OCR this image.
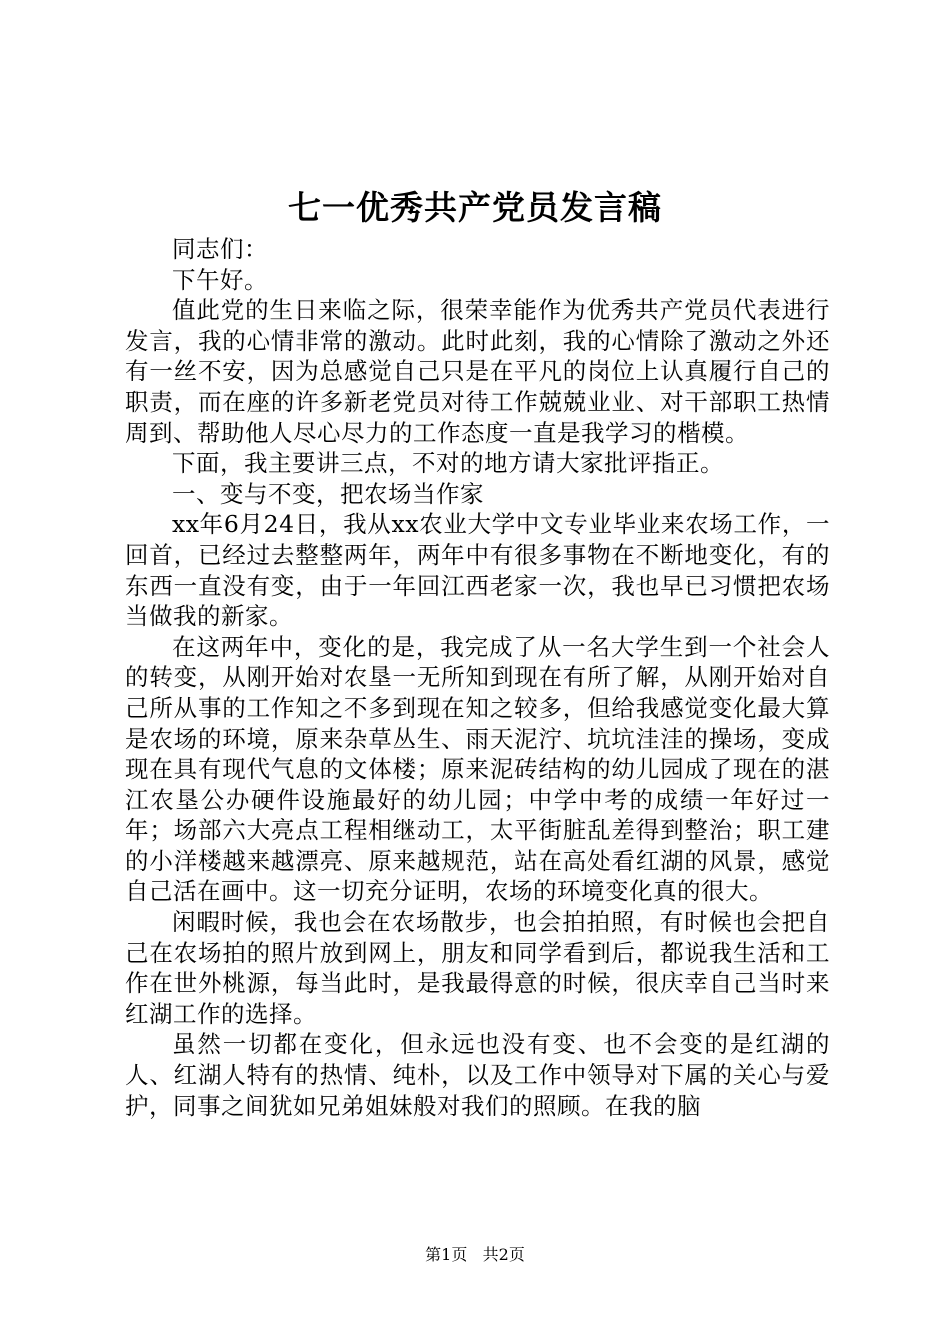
七一优秀共产党员发言稿

同志们：

下午好。

值此党的生日来临之际，很荣幸能作为优秀共产党员代表进行发言，我的心情非常的激动。此时此刻，我的心情除了激动之外还有一丝不安，因为总感觉自己只是在平凡的岗位上认真履行自己的职责，而在座的许多新老党员对待工作兢兢业业、对干部职工热情周到、帮助他人尽心尽力的工作态度一直是我学习的楷模。

下面，我主要讲三点，不对的地方请大家批评指正。

一、变与不变，把农场当作家

xx年6月24日，我从xx农业大学中文专业毕业来农场工作，一回首，已经过去整整两年，两年中有很多事物在不断地变化，有的东西一直没有变，由于一年回江西老家一次，我也早已习惯把农场当做我的新家。

在这两年中，变化的是，我完成了从一名大学生到一个社会人的转变，从刚开始对农垦一无所知到现在有所了解，从刚开始对自己所从事的工作知之不多到现在知之较多，但给我感觉变化最大算是农场的环境，原来杂草丛生、雨天泥泞、坑坑洼洼的操场，变成现在具有现代气息的文体楼；原来泥砖结构的幼儿园成了现在的湛江农垦公办硬件设施最好的幼儿园；中学中考的成绩一年好过一年；场部六大亮点工程相继动工，太平街脏乱差得到整治；职工建的小洋楼越来越漂亮、原来越规范，站在高处看红湖的风景，感觉自己活在画中。这一切充分证明，农场的环境变化真的很大。

闲暇时候，我也会在农场散步，也会拍拍照，有时候也会把自己在农场拍的照片放到网上，朋友和同学看到后，都说我生活和工作在世外桃源，每当此时，是我最得意的时候，很庆幸自己当时来红湖工作的选择。

虽然一切都在变化，但永远也没有变、也不会变的是红湖的人、红湖人特有的热情、纯朴，以及工作中领导对下属的关心与爱护，同事之间犹如兄弟姐妹般对我们的照顾。在我的脑

第1页 共2页
